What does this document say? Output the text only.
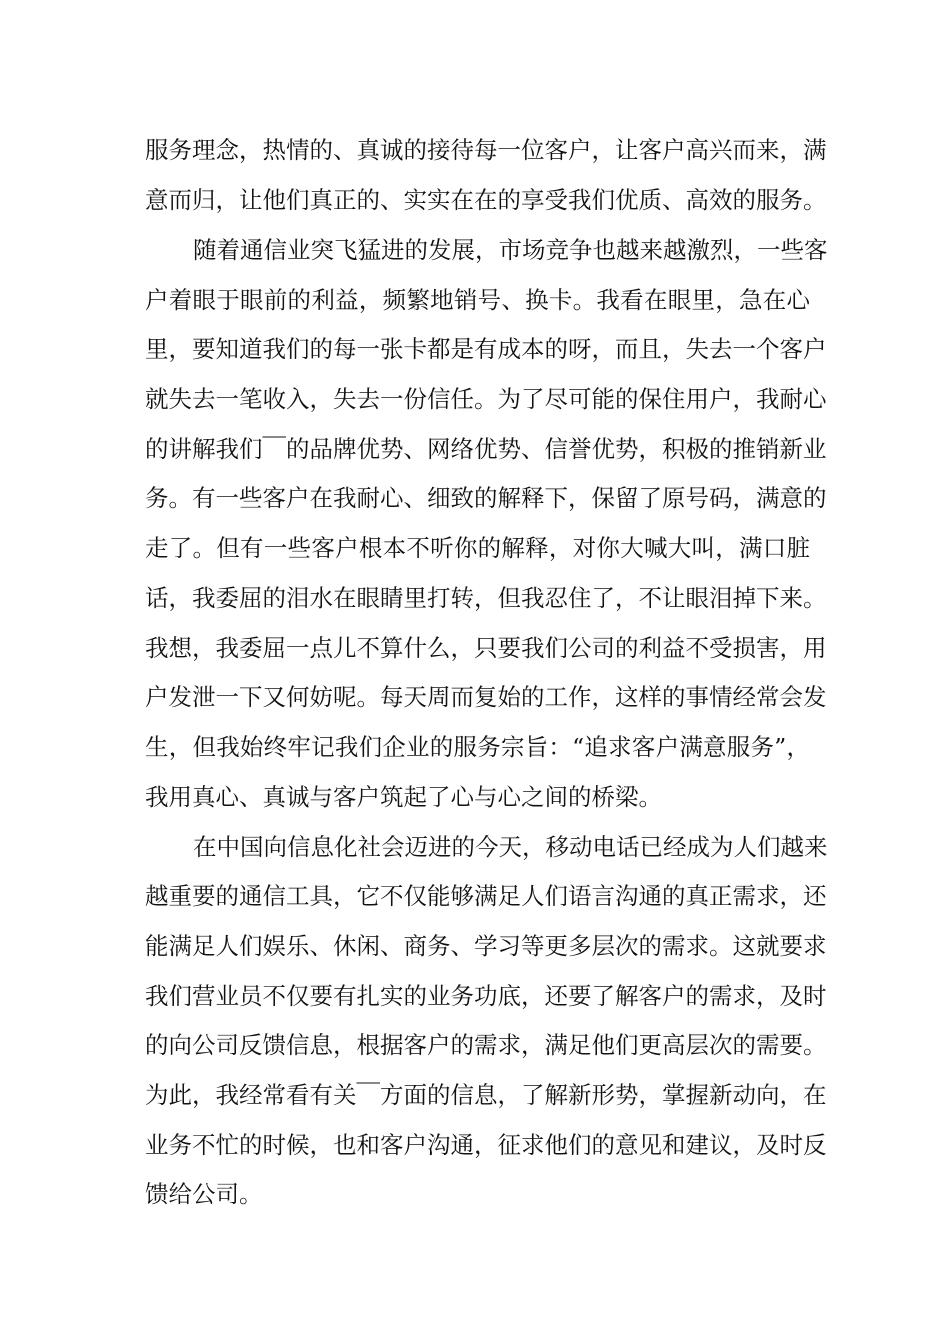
服务理念，热情的、真诚的接待每一位客户，让客户高兴而来，满
意而归，让他们真正的、实实在在的享受我们优质、高效的服务。
随着通信业突飞猛进的发展，市场竞争也越来越激烈，一些客
户着眼于眼前的利益，频繁地销号、换卡。我看在眼里，急在心
里，要知道我们的每一张卡都是有成本的呀，而且，失去一个客户
就失去一笔收入，失去一份信任。为了尽可能的保住用户，我耐心
的讲解我们￣的品牌优势、网络优势、信誉优势，积极的推销新业
务。有一些客户在我耐心、细致的解释下，保留了原号码，满意的
走了。但有一些客户根本不听你的解释，对你大喊大叫，满口脏
话，我委屈的泪水在眼睛里打转，但我忍住了，不让眼泪掉下来。
我想，我委屈一点儿不算什么，只要我们公司的利益不受损害，用
户发泄一下又何妨呢。每天周而复始的工作，这样的事情经常会发
生，但我始终牢记我们企业的服务宗旨：“追求客户满意服务”，
我用真心、真诚与客户筑起了心与心之间的桥梁。
在中国向信息化社会迈进的今天，移动电话已经成为人们越来
越重要的通信工具，它不仅能够满足人们语言沟通的真正需求，还
能满足人们娱乐、休闲、商务、学习等更多层次的需求。这就要求
我们营业员不仅要有扎实的业务功底，还要了解客户的需求，及时
的向公司反馈信息，根据客户的需求，满足他们更高层次的需要。
为此，我经常看有关￣方面的信息，了解新形势，掌握新动向，在
业务不忙的时候，也和客户沟通，征求他们的意见和建议，及时反
馈给公司。
